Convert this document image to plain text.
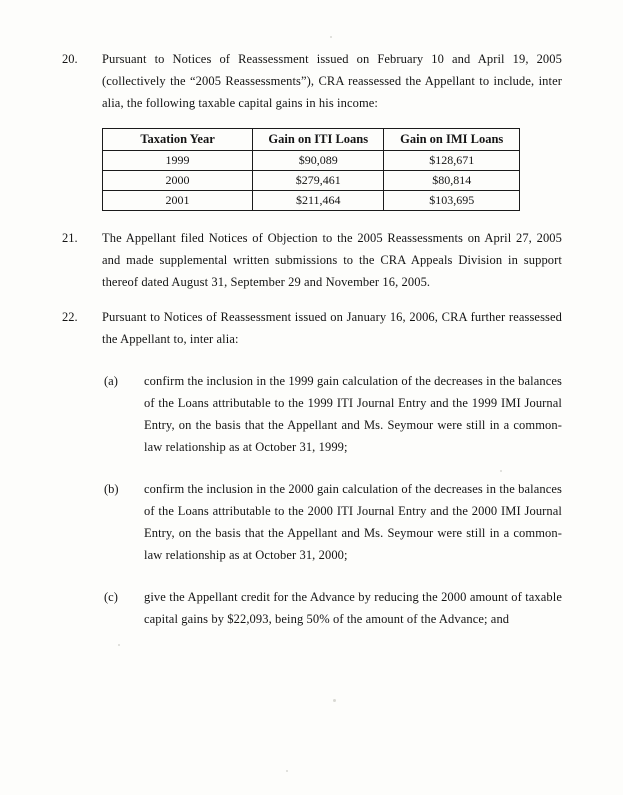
20.	Pursuant to Notices of Reassessment issued on February 10 and April 19, 2005 (collectively the “2005 Reassessments”), CRA reassessed the Appellant to include, inter alia, the following taxable capital gains in his income:
Taxation Year	Gain on ITI Loans	Gain on IMI Loans
1999	$90,089	$128,671
2000	$279,461	$80,814
2001	$211,464	$103,695
21.	The Appellant filed Notices of Objection to the 2005 Reassessments on April 27, 2005 and made supplemental written submissions to the CRA Appeals Division in support thereof dated August 31, September 29 and November 16, 2005.
22.	Pursuant to Notices of Reassessment issued on January 16, 2006, CRA further reassessed the Appellant to, inter alia:
(a)	confirm the inclusion in the 1999 gain calculation of the decreases in the balances of the Loans attributable to the 1999 ITI Journal Entry and the 1999 IMI Journal Entry, on the basis that the Appellant and Ms. Seymour were still in a common-law relationship as at October 31, 1999;
(b)	confirm the inclusion in the 2000 gain calculation of the decreases in the balances of the Loans attributable to the 2000 ITI Journal Entry and the 2000 IMI Journal Entry, on the basis that the Appellant and Ms. Seymour were still in a common-law relationship as at October 31, 2000;
(c)	give the Appellant credit for the Advance by reducing the 2000 amount of taxable capital gains by $22,093, being 50% of the amount of the Advance; and
